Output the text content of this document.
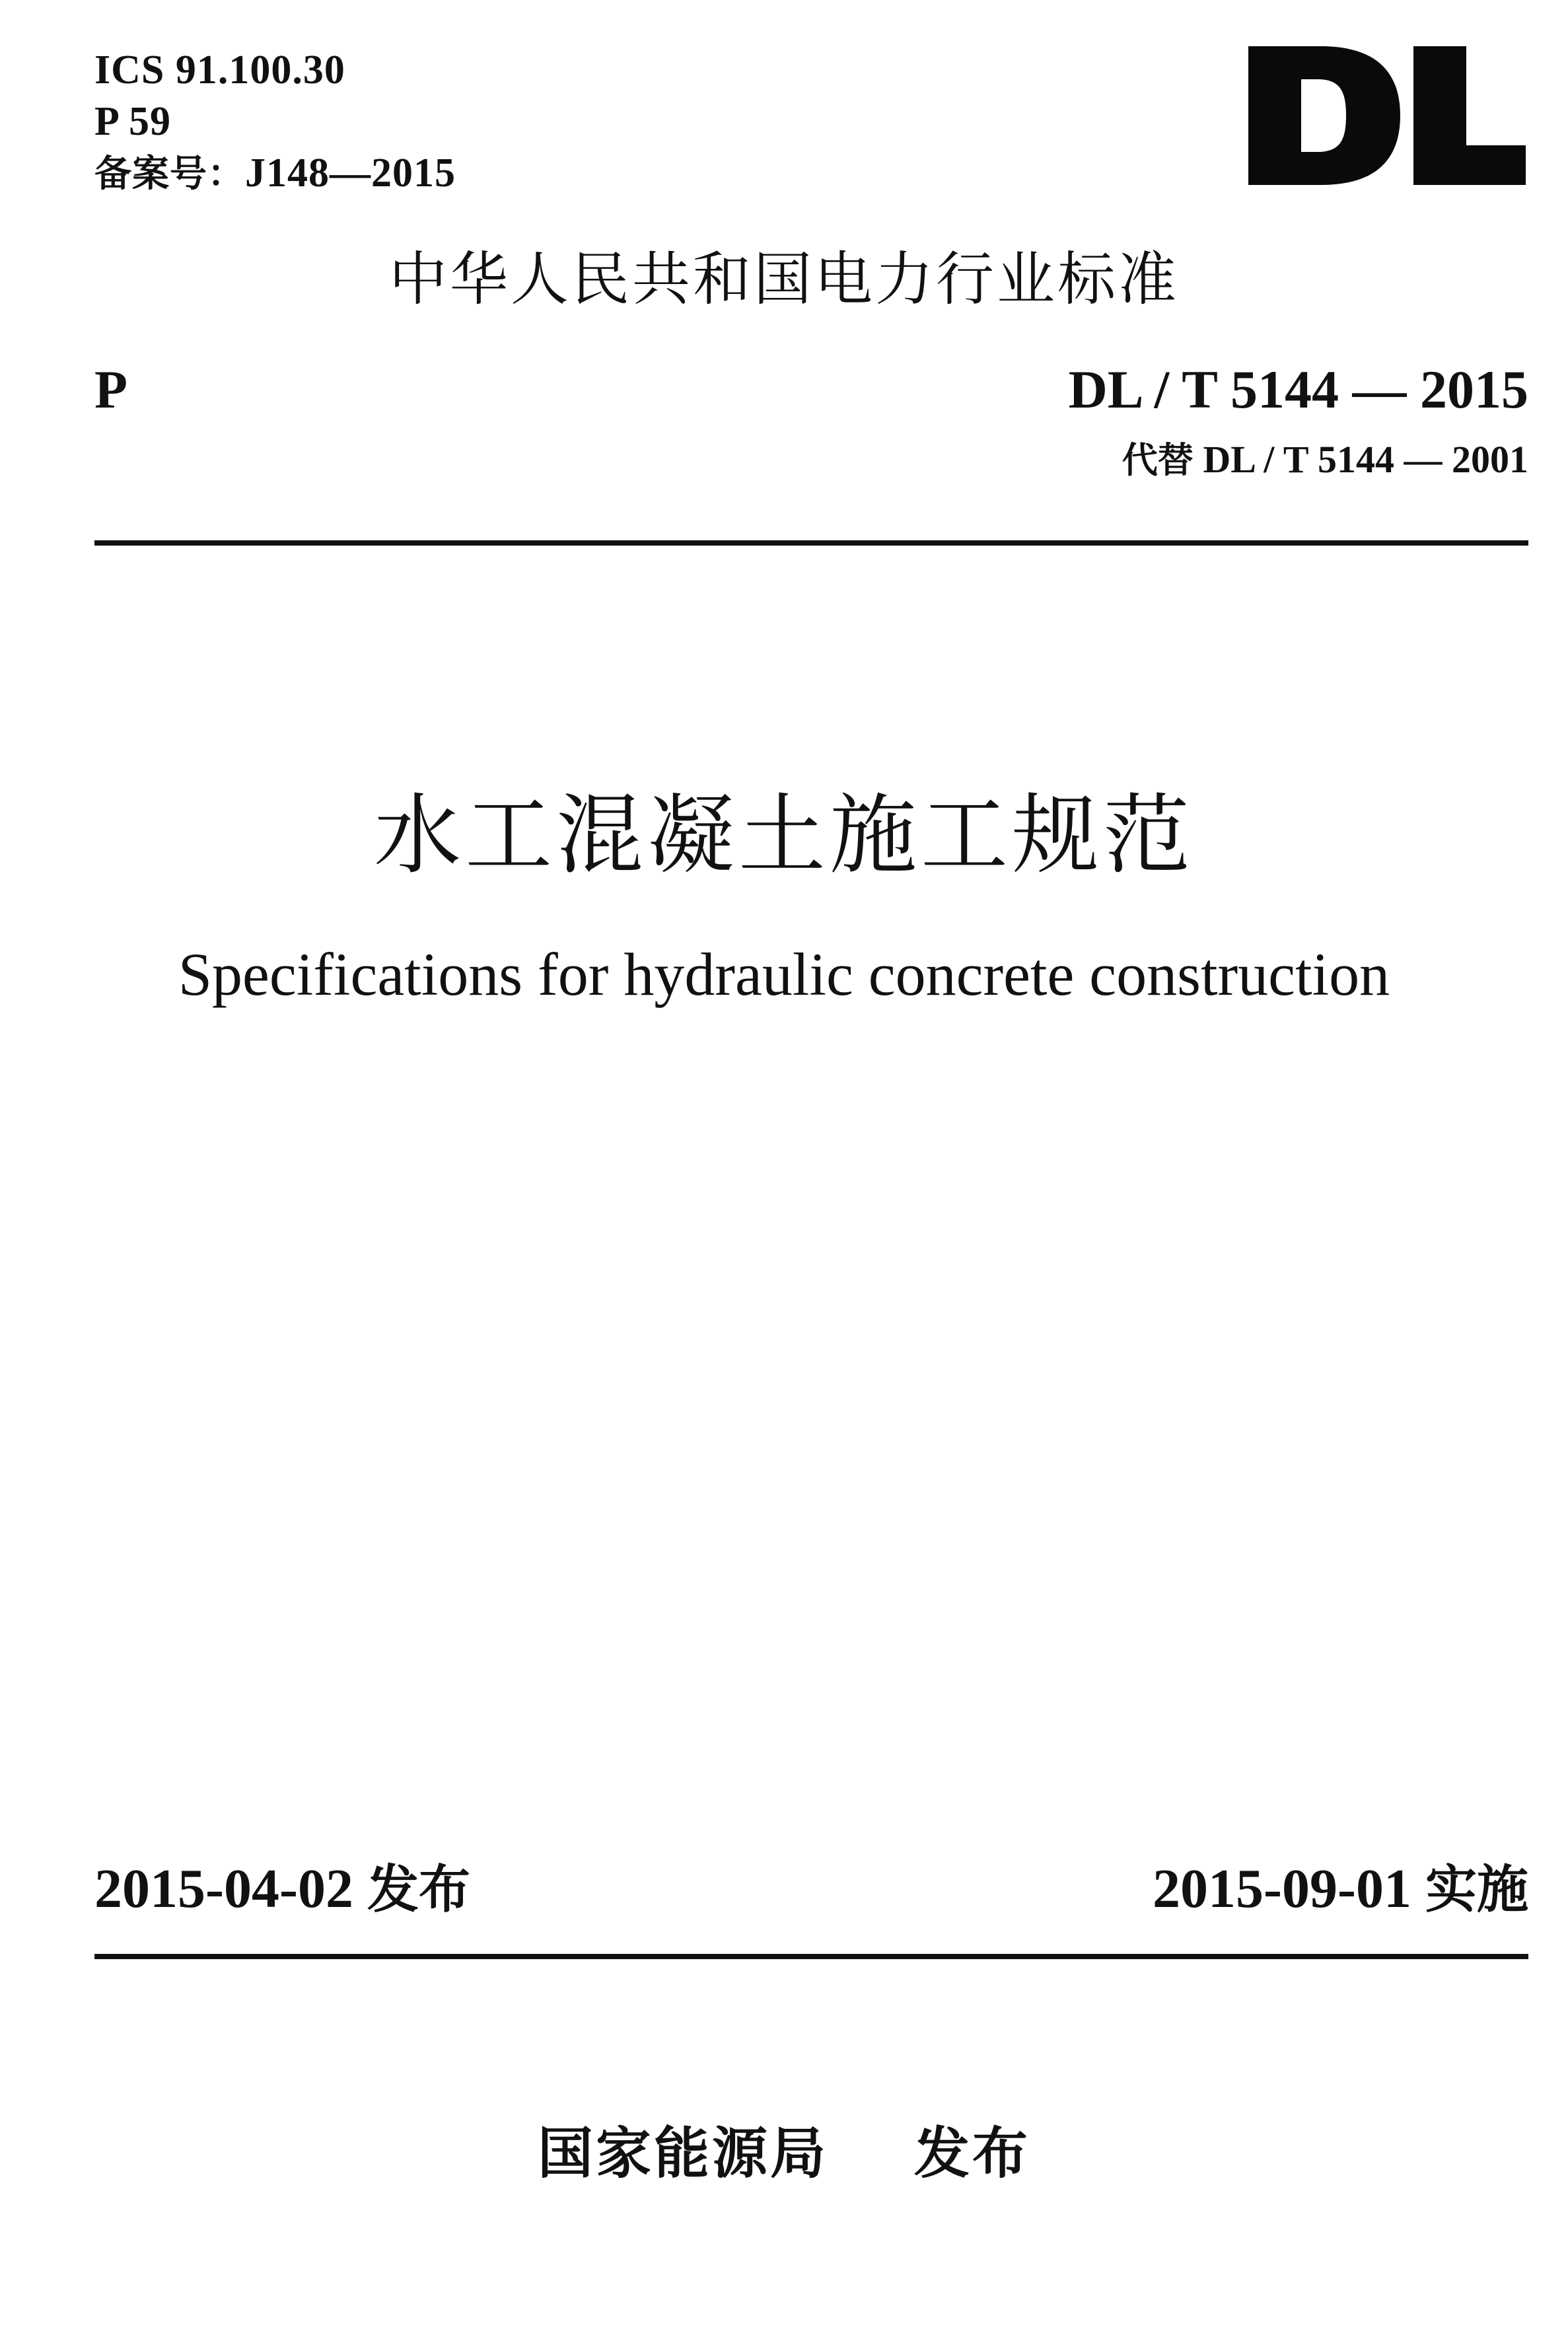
ICS 91.100.30
P 59
备案号：J148—2015
中华人民共和国电力行业标准
P	DL / T 5144 — 2015
代替 DL / T 5144 — 2001
水工混凝土施工规范
Specifications for hydraulic concrete construction
2015-04-02 发布	2015-09-01 实施
国家能源局 发布
